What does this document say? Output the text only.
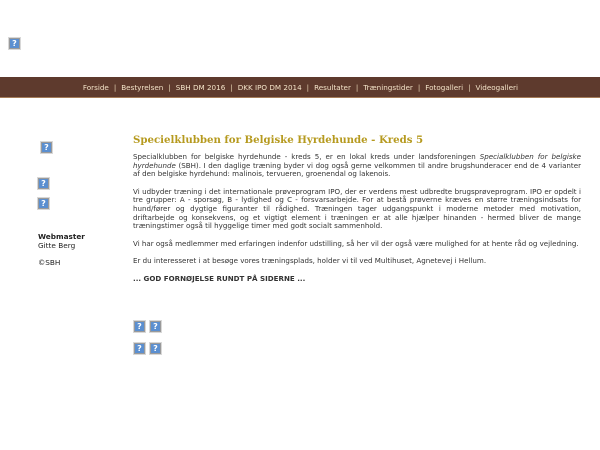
?
?
?
?
?	?
?	?
Forside | Bestyrelsen | SBH DM 2016 | DKK IPO DM 2014 | Resultater | Træningstider | Fotogalleri | Videogalleri
Specielklubben for Belgiske Hyrdehunde - Kreds 5

Specialklubben for belgiske hyrdehunde - kreds 5, er en lokal kreds under landsforeningen Specialklubben for belgiske hyrdehunde (SBH). I den daglige træning byder vi dog også gerne velkommen til andre brugshunderacer end de 4 varianter af den belgiske hyrdehund: malinois, tervueren, groenendal og lakenois.

Vi udbyder træning i det internationale prøveprogram IPO, der er verdens mest udbredte brugsprøveprogram. IPO er opdelt i tre grupper: A - sporsøg, B - lydighed og C - forsvarsarbejde. For at bestå prøverne kræves en større træningsindsats for hund/fører og dygtige figuranter til rådighed. Træningen tager udgangspunkt i moderne metoder med motivation, driftarbejde og konsekvens, og et vigtigt element i træningen er at alle hjælper hinanden - hermed bliver de mange træningstimer også til hyggelige timer med godt socialt sammenhold.

Vi har også medlemmer med erfaringen indenfor udstilling, så her vil der også være mulighed for at hente råd og vejledning.

Er du interesseret i at besøge vores træningsplads, holder vi til ved Multihuset, Agnetevej i Hellum.

... GOD FORNØJELSE RUNDT PÅ SIDERNE ...

Webmaster
Gitte Berg
©SBH
